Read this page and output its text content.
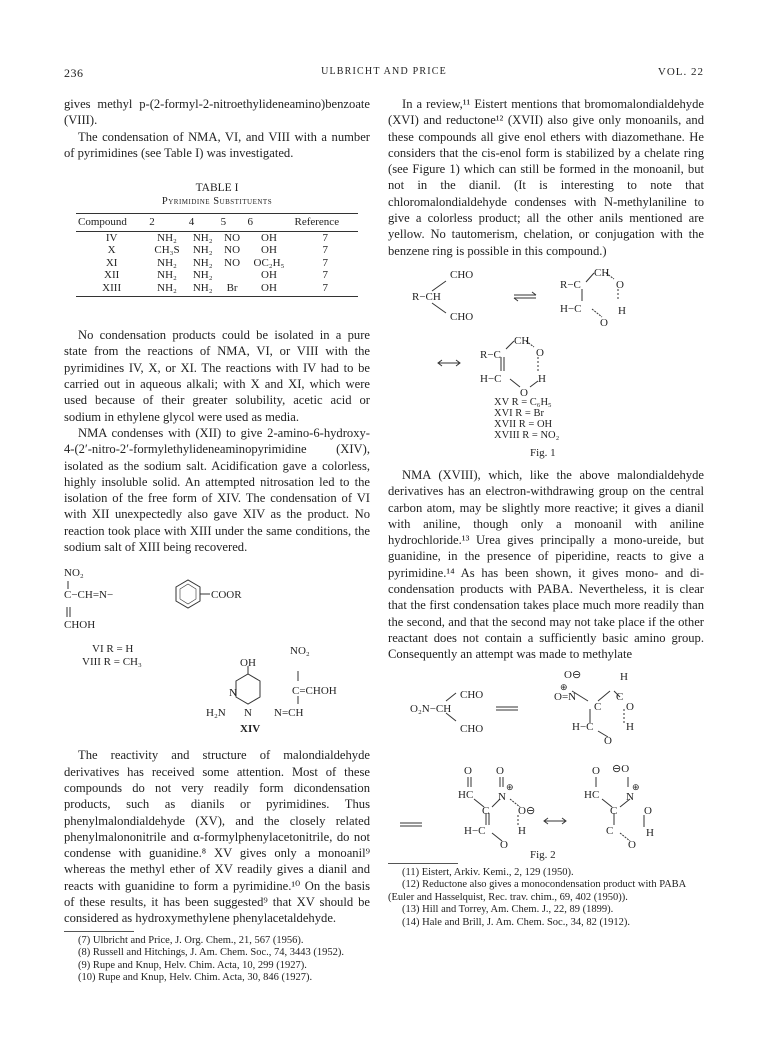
236	ULBRICHT AND PRICE	VOL. 22

gives methyl p-(2-formyl-2-nitroethylideneamino)benzoate (VIII).

The condensation of NMA, VI, and VIII with a number of pyrimidines (see Table I) was investigated.

TABLE I
Pyrimidine Substituents
Compound	2	4	5	6	Reference
IV	NH₂	NH₂	NO	OH	7
X	CH₃S	NH₂	NO	OH	7
XI	NH₂	NH₂	NO	OC₂H₅	7
XII	NH₂	NH₂		OH	7
XIII	NH₂	NH₂	Br	OH	7

No condensation products could be isolated in a pure state from the reactions of NMA, VI, or VIII with the pyrimidines IV, X, or XI. The reactions with IV had to be carried out in aqueous alkali; with X and XI, which were used because of their greater solubility, acetic acid or sodium in ethylene glycol were used as media.

NMA condenses with (XII) to give 2-amino-6-hydroxy-4-(2′-nitro-2′-formylethylideneaminopyrimidine (XIV), isolated as the sodium salt. Acidification gave a colorless, highly insoluble solid. An attempted nitrosation led to the isolation of the free form of XIV. The condensation of VI with XII unexpectedly also gave XIV as the product. No reaction took place with XIII under the same conditions, the sodium salt of XIII being recovered.

NO₂
C−CH=N−	COOR
CHOH
VI R = H
VIII R = CH₃	OH
NO₂
N	C=CHOH
H₂N N N=CH
XIV

The reactivity and structure of malondialdehyde derivatives has received some attention. Most of these compounds do not very readily form dicondensation products, such as dianils or pyrimidines. Thus phenylmalondialdehyde (XV), and the closely related phenylmalononitrile and α-formylphenylacetonitrile, do not condense with guanidine.⁸ XV gives only a monoanil⁹ whereas the methyl ether of XV readily gives a dianil and reacts with guanidine to form a pyrimidine.¹⁰ On the basis of these results, it has been suggested⁹ that XV should be considered as hydroxymethylene phenylacetaldehyde.

(7) Ulbricht and Price, J. Org. Chem., 21, 567 (1956).
(8) Russell and Hitchings, J. Am. Chem. Soc., 74, 3443 (1952).
(9) Rupe and Knup, Helv. Chim. Acta, 10, 299 (1927).
(10) Rupe and Knup, Helv. Chim. Acta, 30, 846 (1927).

In a review,¹¹ Eistert mentions that bromomalondialdehyde (XVI) and reductone¹² (XVII) also give only monoanils, and these compounds all give enol ethers with diazomethane. He considers that the cis-enol form is stabilized by a chelate ring (see Figure 1) which can still be formed in the monoanil, but not in the dianil. (It is interesting to note that chloromalondialdehyde condenses with N-methylaniline to give a colorless product; all the other anils mentioned are yellow. No tautomerism, chelation, or conjugation with the benzene ring is possible in this compound.)

CHO
R−CH
CHO
R−C
CH
O
H−C
O
H
R−C
CH
O
H−C	H
O
XV R = C₆H₅
XVI R = Br
XVII R = OH
XVIII R = NO₂
Fig. 1

NMA (XVIII), which, like the above malondialdehyde derivatives has an electron-withdrawing group on the central carbon atom, may be slightly more reactive; it gives a dianil with aniline, though only a monoanil with aniline hydrochloride.¹³ Urea gives principally a mono-ureide, but guanidine, in the presence of piperidine, reacts to give a pyrimidine.¹⁴ As has been shown, it gives mono- and di-condensation products with PABA. Nevertheless, it is clear that the first condensation takes place much more readily than the second, and that the second may not take place if the other reactant does not contain a sufficiently basic amino group. Consequently an attempt was made to methylate

O⊖	H
⊕
O=N
CHO
O₂N−CH
CHO
C
C
O
H−C	H
O
O O
HC
⊕
N
C	O⊖
H−C	H
O
⊖O
O
HC
⊕
N
C O
C	H
O
Fig. 2
(11) Eistert, Arkiv. Kemi., 2, 129 (1950).
(12) Reductone also gives a monocondensation product with PABA (Euler and Hasselquist, Rec. trav. chim., 69, 402 (1950)).
(13) Hill and Torrey, Am. Chem. J., 22, 89 (1899).
(14) Hale and Brill, J. Am. Chem. Soc., 34, 82 (1912).
